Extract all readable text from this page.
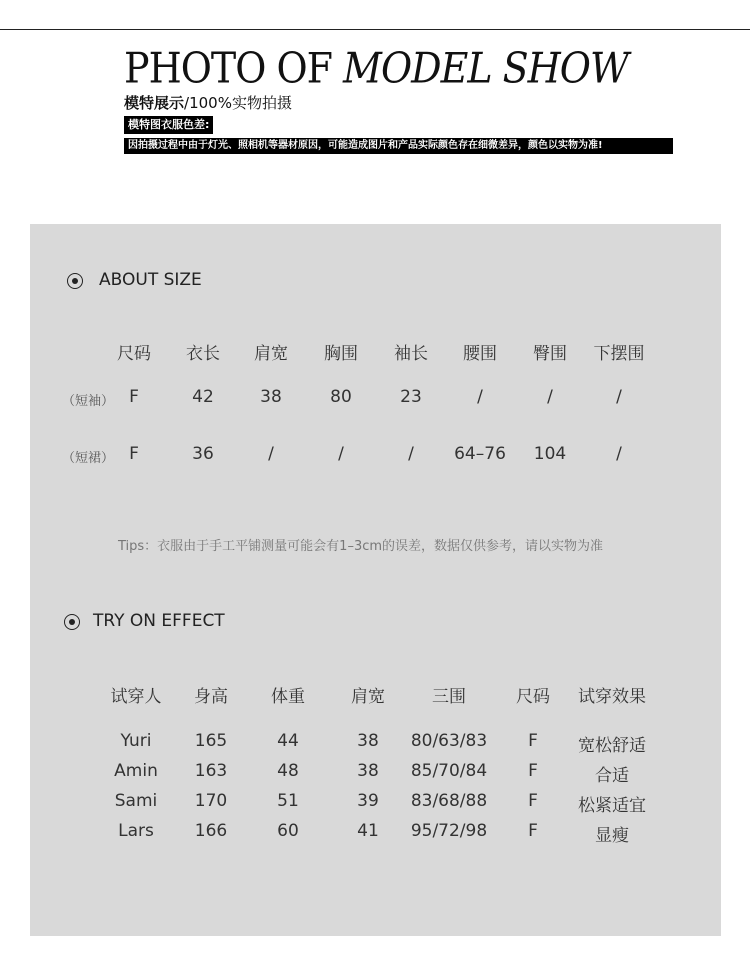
PHOTO OF MODEL SHOW
模特展示/100%实物拍摄
模特图衣服色差:
因拍摄过程中由于灯光、照相机等器材原因，可能造成图片和产品实际颜色存在细微差异，颜色以实物为准!
ABOUT SIZE
尺码 衣长 肩宽 胸围 袖长 腰围 臀围 下摆围
（短袖） F	42	38	80	23	/	/	/
（短裙） F	36	/	/	/ 64–76 104	/
Tips：衣服由于手工平铺测量可能会有1–3cm的误差，数据仅供参考，请以实物为准
TRY ON EFFECT
试穿人 身高	体重	肩宽	三围	尺码 试穿效果
Yuri	165	44	38 80/63/83 F 宽松舒适
Amin 163	48	38 85/70/84 F	合适
Sami 170	51	39 83/68/88 F 松紧适宜
Lars 166	60	41 95/72/98 F	显瘦
